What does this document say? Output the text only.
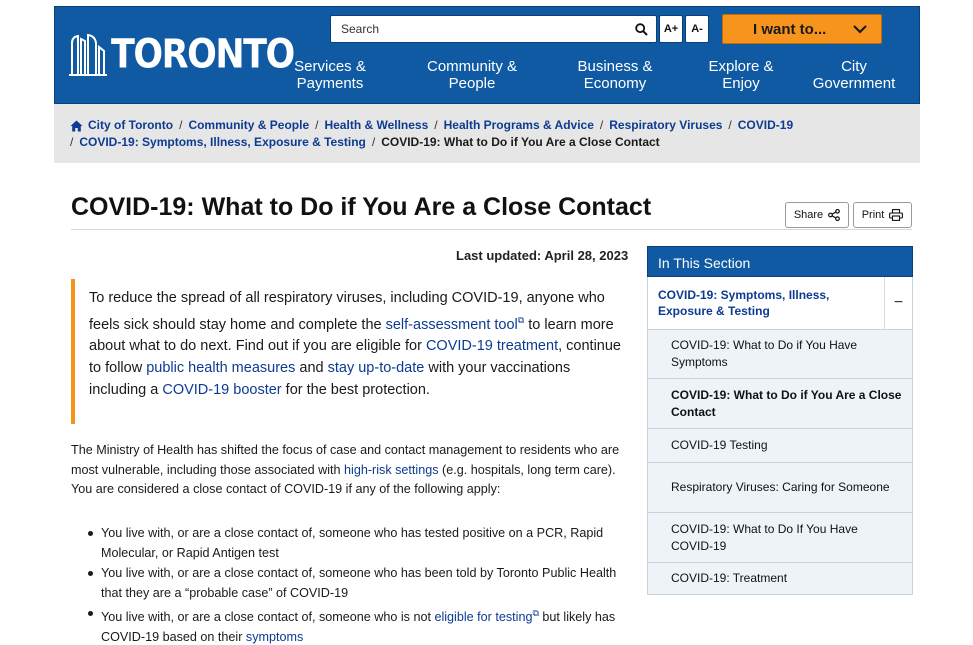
TORONTO
Search
A+	A-	I want to...
Services &
Payments
Community &
People
Business &
Economy
Explore &
Enjoy
City
Government
City of Toronto / Community & People / Health & Wellness / Health Programs & Advice / Respiratory Viruses / COVID-19
/ COVID-19: Symptoms, Illness, Exposure & Testing / COVID-19: What to Do if You Are a Close Contact
COVID-19: What to Do if You Are a Close Contact	Share	Print
Last updated: April 28, 2023
To reduce the spread of all respiratory viruses, including COVID-19, anyone who feels sick should stay home and complete the self-assessment tool⧉ to learn more about what to do next. Find out if you are eligible for COVID-19 treatment, continue to follow public health measures and stay up-to-date with your vaccinations including a COVID-19 booster for the best protection.

The Ministry of Health has shifted the focus of case and contact management to residents who are most vulnerable, including those associated with high-risk settings (e.g. hospitals, long term care). You are considered a close contact of COVID-19 if any of the following apply:

You live with, or are a close contact of, someone who has tested positive on a PCR, Rapid Molecular, or Rapid Antigen test
You live with, or are a close contact of, someone who has been told by Toronto Public Health that they are a “probable case” of COVID-19
You live with, or are a close contact of, someone who is not eligible for testing⧉ but likely has COVID-19 based on their symptoms
In This Section
COVID-19: Symptoms, Illness, Exposure & Testing	−
COVID-19: What to Do if You Have Symptoms
COVID-19: What to Do if You Are a Close Contact
COVID-19 Testing
Respiratory Viruses: Caring for Someone
COVID-19: What to Do If You Have COVID-19
COVID-19: Treatment
